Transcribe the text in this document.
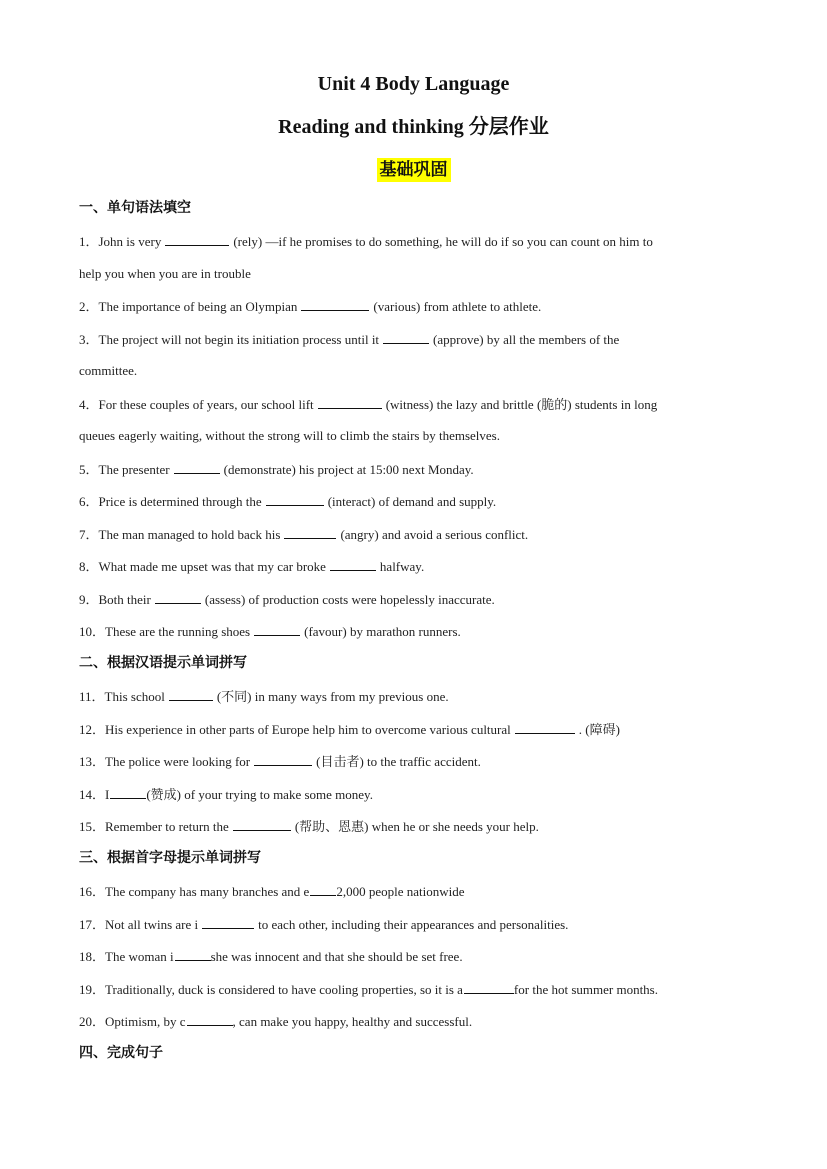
Unit 4 Body Language
Reading and thinking 分层作业
基础巩固
一、单句语法填空
1．John is very	(rely) —if he promises to do something, he will do if so you can count on him to
help you when you are in trouble
2．The importance of being an Olympian	(various) from athlete to athlete.
3．The project will not begin its initiation process until it	(approve) by all the members of the
committee.
4．For these couples of years, our school lift	(witness) the lazy and brittle (脆的) students in long
queues eagerly waiting, without the strong will to climb the stairs by themselves.
5．The presenter	(demonstrate) his project at 15:00 next Monday.
6．Price is determined through the	(interact) of demand and supply.
7．The man managed to hold back his	(angry) and avoid a serious conflict.
8．What made me upset was that my car broke	halfway.
9．Both their	(assess) of production costs were hopelessly inaccurate.
10．These are the running shoes	(favour) by marathon runners.
二、根据汉语提示单词拼写
11．This school	(不同) in many ways from my previous one.
12．His experience in other parts of Europe help him to overcome various cultural	. (障碍)
13．The police were looking for	(目击者) to the traffic accident.
14．I	(赞成) of your trying to make some money.
15．Remember to return the	(帮助、恩惠) when he or she needs your help.
三、根据首字母提示单词拼写
16．The company has many branches and e 2,000 people nationwide
17．Not all twins are i	to each other, including their appearances and personalities.
18．The woman i	she was innocent and that she should be set free.
19．Traditionally, duck is considered to have cooling properties, so it is a	for the hot summer months.
20．Optimism, by c	, can make you happy, healthy and successful.
四、完成句子
